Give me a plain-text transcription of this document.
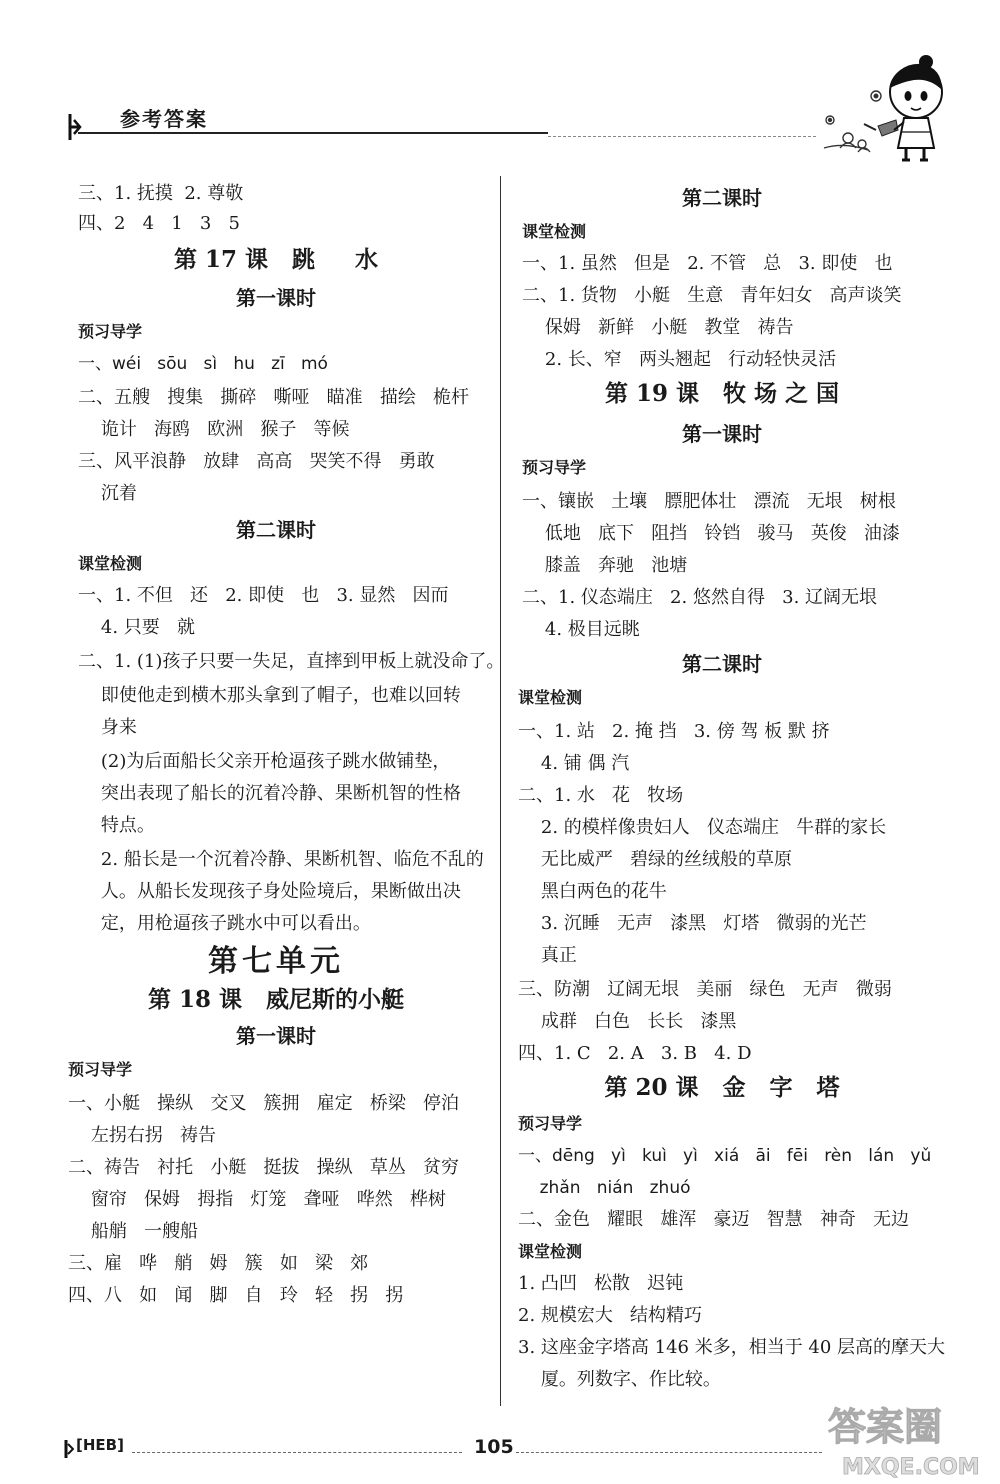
参考答案
三、1. 抚摸  2. 尊敬
四、2   4   1   3   5
第 17 课   跳     水
第一课时
预习导学
一、wéi   sōu   sì   hu   zī   mó
二、五艘   搜集   撕碎   嘶哑   瞄准   描绘   桅杆
诡计   海鸥   欧洲   猴子   等候
三、风平浪静   放肆   高高   哭笑不得   勇敢
沉着
第二课时
课堂检测
一、1. 不但   还   2. 即使   也   3. 显然   因而
4. 只要   就
二、1. (1)孩子只要一失足，直摔到甲板上就没命了。
即使他走到横木那头拿到了帽子，也难以回转
身来
(2)为后面船长父亲开枪逼孩子跳水做铺垫，
突出表现了船长的沉着冷静、果断机智的性格
特点。
2. 船长是一个沉着冷静、果断机智、临危不乱的
人。从船长发现孩子身处险境后，果断做出决
定，用枪逼孩子跳水中可以看出。
第七单元
第 18 课   威尼斯的小艇
第一课时
预习导学
一、小艇   操纵   交叉   簇拥   雇定   桥梁   停泊
左拐右拐   祷告
二、祷告   衬托   小艇   挺拔   操纵   草丛   贫穷
窗帘   保姆   拇指   灯笼   聋哑   哗然   桦树
船艄   一艘船
三、雇   哗   艄   姆   簇   如   梁   郊
四、八   如   闻   脚   自   玲   轻   拐   拐
第二课时
课堂检测
一、1. 虽然   但是   2. 不管   总   3. 即使   也
二、1. 货物   小艇   生意   青年妇女   高声谈笑
保姆   新鲜   小艇   教堂   祷告
2. 长、窄   两头翘起   行动轻快灵活
第 19 课   牧 场 之 国
第一课时
预习导学
一、镶嵌   土壤   膘肥体壮   漂流   无垠   树根
低地   底下   阻挡   铃铛   骏马   英俊   油漆
膝盖   奔驰   池塘
二、1. 仪态端庄   2. 悠然自得   3. 辽阔无垠
4. 极目远眺
第二课时
课堂检测
一、1. 站   2. 掩 挡   3. 傍 驾 板 默 挤
4. 铺 偶 汽
二、1. 水   花   牧场
2. 的模样像贵妇人   仪态端庄   牛群的家长
无比威严   碧绿的丝绒般的草原
黑白两色的花牛
3. 沉睡   无声   漆黑   灯塔   微弱的光芒
真正
三、防潮   辽阔无垠   美丽   绿色   无声   微弱
成群   白色   长长   漆黑
四、1. C   2. A   3. B   4. D
第 20 课   金   字   塔
预习导学
一、dēng   yì   kuì   yì   xiá   āi   fēi   rèn   lán   yǔ
zhǎn   nián   zhuó
二、金色   耀眼   雄浑   豪迈   智慧   神奇   无边
课堂检测
1. 凸凹   松散   迟钝
2. 规模宏大   结构精巧
3. 这座金字塔高 146 米多，相当于 40 层高的摩天大
厦。列数字、作比较。
[HEB]	105	答案圈
MXQE.COM
